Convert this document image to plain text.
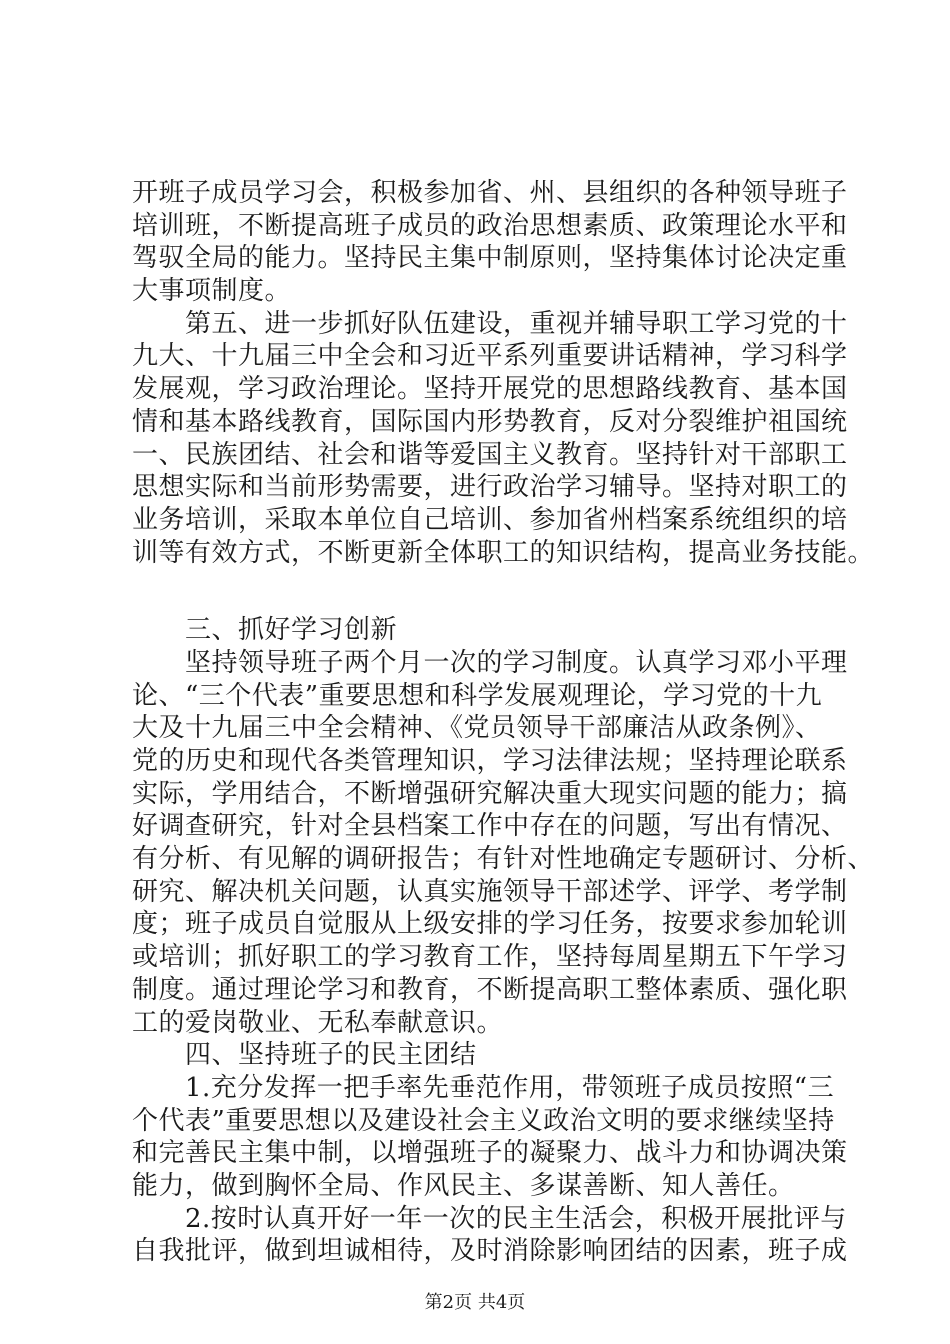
开班子成员学习会，积极参加省、州、县组织的各种领导班子
培训班，不断提高班子成员的政治思想素质、政策理论水平和
驾驭全局的能力。坚持民主集中制原则，坚持集体讨论决定重
大事项制度。
　　第五、进一步抓好队伍建设，重视并辅导职工学习党的十
九大、十九届三中全会和习近平系列重要讲话精神，学习科学
发展观，学习政治理论。坚持开展党的思想路线教育、基本国
情和基本路线教育，国际国内形势教育，反对分裂维护祖国统
一、民族团结、社会和谐等爱国主义教育。坚持针对干部职工
思想实际和当前形势需要，进行政治学习辅导。坚持对职工的
业务培训，采取本单位自己培训、参加省州档案系统组织的培
训等有效方式，不断更新全体职工的知识结构，提高业务技能。
　　三、抓好学习创新
　　坚持领导班子两个月一次的学习制度。认真学习邓小平理
论、“三个代表”重要思想和科学发展观理论，学习党的十九
大及十九届三中全会精神、《党员领导干部廉洁从政条例》、
党的历史和现代各类管理知识，学习法律法规；坚持理论联系
实际，学用结合，不断增强研究解决重大现实问题的能力；搞
好调查研究，针对全县档案工作中存在的问题，写出有情况、
有分析、有见解的调研报告；有针对性地确定专题研讨、分析、
研究、解决机关问题，认真实施领导干部述学、评学、考学制
度；班子成员自觉服从上级安排的学习任务，按要求参加轮训
或培训；抓好职工的学习教育工作，坚持每周星期五下午学习
制度。通过理论学习和教育，不断提高职工整体素质、强化职
工的爱岗敬业、无私奉献意识。
　　四、坚持班子的民主团结
　　1.充分发挥一把手率先垂范作用，带领班子成员按照“三
个代表”重要思想以及建设社会主义政治文明的要求继续坚持
和完善民主集中制，以增强班子的凝聚力、战斗力和协调决策
能力，做到胸怀全局、作风民主、多谋善断、知人善任。
　　2.按时认真开好一年一次的民主生活会，积极开展批评与
自我批评，做到坦诚相待，及时消除影响团结的因素，班子成
第2页 共4页
